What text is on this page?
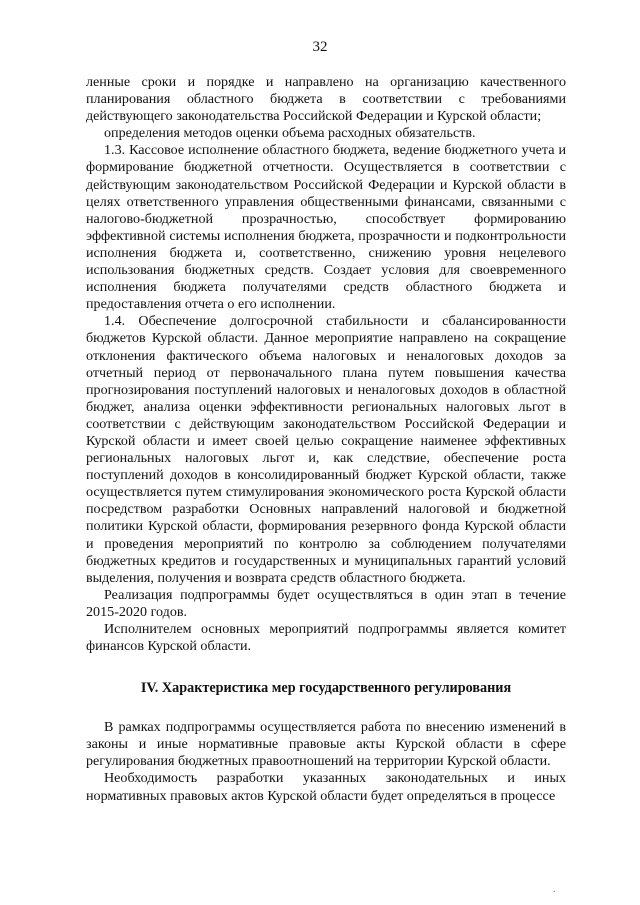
32

ленные сроки и порядке и направлено на организацию качественного планирования областного бюджета в соответствии с требованиями действующего законодательства Российской Федерации и Курской области;

определения методов оценки объема расходных обязательств.

1.3. Кассовое исполнение областного бюджета, ведение бюджетного учета и формирование бюджетной отчетности. Осуществляется в соответствии с действующим законодательством Российской Федерации и Курской области в целях ответственного управления общественными финансами, связанными с налогово-бюджетной прозрачностью, способствует формированию эффективной системы исполнения бюджета, прозрачности и подконтрольности исполнения бюджета и, соответственно, снижению уровня нецелевого использования бюджетных средств. Создает условия для своевременного исполнения бюджета получателями средств областного бюджета и предоставления отчета о его исполнении.

1.4. Обеспечение долгосрочной стабильности и сбалансированности бюджетов Курской области. Данное мероприятие направлено на сокращение отклонения фактического объема налоговых и неналоговых доходов за отчетный период от первоначального плана путем повышения качества прогнозирования поступлений налоговых и неналоговых доходов в областной бюджет, анализа оценки эффективности региональных налоговых льгот в соответствии с действующим законодательством Российской Федерации и Курской области и имеет своей целью сокращение наименее эффективных региональных налоговых льгот и, как следствие, обеспечение роста поступлений доходов в консолидированный бюджет Курской области, также осуществляется путем стимулирования экономического роста Курской области посредством разработки Основных направлений налоговой и бюджетной политики Курской области, формирования резервного фонда Курской области и проведения мероприятий по контролю за соблюдением получателями бюджетных кредитов и государственных и муниципальных гарантий условий выделения, получения и возврата средств областного бюджета.

Реализация подпрограммы будет осуществляться в один этап в течение 2015-2020 годов.

Исполнителем основных мероприятий подпрограммы является комитет финансов Курской области.

IV. Характеристика мер государственного регулирования

В рамках подпрограммы осуществляется работа по внесению изменений в законы и иные нормативные правовые акты Курской области в сфере регулирования бюджетных правоотношений на территории Курской области.

Необходимость разработки указанных законодательных и иных нормативных правовых актов Курской области будет определяться в процессе

.
